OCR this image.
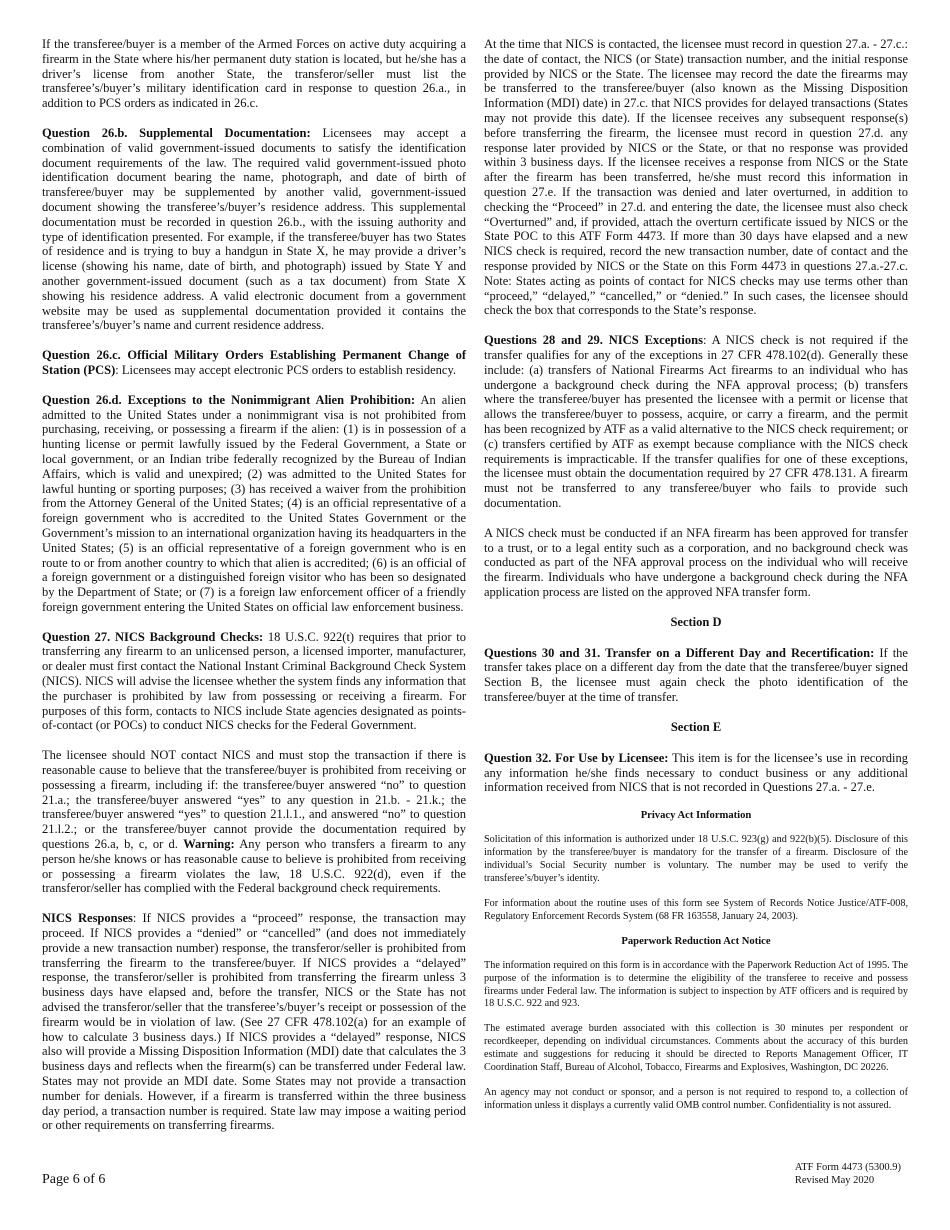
If the transferee/buyer is a member of the Armed Forces on active duty acquiring a firearm in the State where his/her permanent duty station is located, but he/she has a driver’s license from another State, the transferor/seller must list the transferee’s/buyer’s military identification card in response to question 26.a., in addition to PCS orders as indicated in 26.c.

Question 26.b. Supplemental Documentation: Licensees may accept a combination of valid government-issued documents to satisfy the identification document requirements of the law. The required valid government-issued photo identification document bearing the name, photograph, and date of birth of transferee/buyer may be supplemented by another valid, government-issued document showing the transferee’s/buyer’s residence address. This supplemental documentation must be recorded in question 26.b., with the issuing authority and type of identification presented. For example, if the transferee/buyer has two States of residence and is trying to buy a handgun in State X, he may provide a driver’s license (showing his name, date of birth, and photograph) issued by State Y and another government-issued document (such as a tax document) from State X showing his residence address. A valid electronic document from a government website may be used as supplemental documentation provided it contains the transferee’s/buyer’s name and current residence address.

Question 26.c. Official Military Orders Establishing Permanent Change of Station (PCS): Licensees may accept electronic PCS orders to establish residency.

Question 26.d. Exceptions to the Nonimmigrant Alien Prohibition: An alien admitted to the United States under a nonimmigrant visa is not prohibited from purchasing, receiving, or possessing a firearm if the alien: (1) is in possession of a hunting license or permit lawfully issued by the Federal Government, a State or local government, or an Indian tribe federally recognized by the Bureau of Indian Affairs, which is valid and unexpired; (2) was admitted to the United States for lawful hunting or sporting purposes; (3) has received a waiver from the prohibition from the Attorney General of the United States; (4) is an official representative of a foreign government who is accredited to the United States Government or the Government’s mission to an international organization having its headquarters in the United States; (5) is an official representative of a foreign government who is en route to or from another country to which that alien is accredited; (6) is an official of a foreign government or a distinguished foreign visitor who has been so designated by the Department of State; or (7) is a foreign law enforcement officer of a friendly foreign government entering the United States on official law enforcement business.

Question 27. NICS Background Checks: 18 U.S.C. 922(t) requires that prior to transferring any firearm to an unlicensed person, a licensed importer, manufacturer, or dealer must first contact the National Instant Criminal Background Check System (NICS). NICS will advise the licensee whether the system finds any information that the purchaser is prohibited by law from possessing or receiving a firearm. For purposes of this form, contacts to NICS include State agencies designated as points-of-contact (or POCs) to conduct NICS checks for the Federal Government.

The licensee should NOT contact NICS and must stop the transaction if there is reasonable cause to believe that the transferee/buyer is prohibited from receiving or possessing a firearm, including if: the transferee/buyer answered “no” to question 21.a.; the transferee/buyer answered “yes” to any question in 21.b. - 21.k.; the transferee/buyer answered “yes” to question 21.l.1., and answered “no” to question 21.l.2.; or the transferee/buyer cannot provide the documentation required by questions 26.a, b, c, or d. Warning: Any person who transfers a firearm to any person he/she knows or has reasonable cause to believe is prohibited from receiving or possessing a firearm violates the law, 18 U.S.C. 922(d), even if the transferor/seller has complied with the Federal background check requirements.

NICS Responses: If NICS provides a “proceed” response, the transaction may proceed. If NICS provides a “denied” or “cancelled” (and does not immediately provide a new transaction number) response, the transferor/seller is prohibited from transferring the firearm to the transferee/buyer. If NICS provides a “delayed” response, the transferor/seller is prohibited from transferring the firearm unless 3 business days have elapsed and, before the transfer, NICS or the State has not advised the transferor/seller that the transferee’s/buyer’s receipt or possession of the firearm would be in violation of law. (See 27 CFR 478.102(a) for an example of how to calculate 3 business days.) If NICS provides a “delayed” response, NICS also will provide a Missing Disposition Information (MDI) date that calculates the 3 business days and reflects when the firearm(s) can be transferred under Federal law. States may not provide an MDI date. Some States may not provide a transaction number for denials. However, if a firearm is transferred within the three business day period, a transaction number is required. State law may impose a waiting period or other requirements on transferring firearms.

At the time that NICS is contacted, the licensee must record in question 27.a. - 27.c.: the date of contact, the NICS (or State) transaction number, and the initial response provided by NICS or the State. The licensee may record the date the firearms may be transferred to the transferee/buyer (also known as the Missing Disposition Information (MDI) date) in 27.c. that NICS provides for delayed transactions (States may not provide this date). If the licensee receives any subsequent response(s) before transferring the firearm, the licensee must record in question 27.d. any response later provided by NICS or the State, or that no response was provided within 3 business days. If the licensee receives a response from NICS or the State after the firearm has been transferred, he/she must record this information in question 27.e. If the transaction was denied and later overturned, in addition to checking the “Proceed” in 27.d. and entering the date, the licensee must also check “Overturned” and, if provided, attach the overturn certificate issued by NICS or the State POC to this ATF Form 4473. If more than 30 days have elapsed and a new NICS check is required, record the new transaction number, date of contact and the response provided by NICS or the State on this Form 4473 in questions 27.a.-27.c. Note: States acting as points of contact for NICS checks may use terms other than “proceed,” “delayed,” “cancelled,” or “denied.” In such cases, the licensee should check the box that corresponds to the State’s response.

Questions 28 and 29. NICS Exceptions: A NICS check is not required if the transfer qualifies for any of the exceptions in 27 CFR 478.102(d). Generally these include: (a) transfers of National Firearms Act firearms to an individual who has undergone a background check during the NFA approval process; (b) transfers where the transferee/buyer has presented the licensee with a permit or license that allows the transferee/buyer to possess, acquire, or carry a firearm, and the permit has been recognized by ATF as a valid alternative to the NICS check requirement; or (c) transfers certified by ATF as exempt because compliance with the NICS check requirements is impracticable. If the transfer qualifies for one of these exceptions, the licensee must obtain the documentation required by 27 CFR 478.131. A firearm must not be transferred to any transferee/buyer who fails to provide such documentation.

A NICS check must be conducted if an NFA firearm has been approved for transfer to a trust, or to a legal entity such as a corporation, and no background check was conducted as part of the NFA approval process on the individual who will receive the firearm. Individuals who have undergone a background check during the NFA application process are listed on the approved NFA transfer form.

Section D

Questions 30 and 31. Transfer on a Different Day and Recertification: If the transfer takes place on a different day from the date that the transferee/buyer signed Section B, the licensee must again check the photo identification of the transferee/buyer at the time of transfer.

Section E

Question 32. For Use by Licensee: This item is for the licensee’s use in recording any information he/she finds necessary to conduct business or any additional information received from NICS that is not recorded in Questions 27.a. - 27.e.

Privacy Act Information

Solicitation of this information is authorized under 18 U.S.C. 923(g) and 922(b)(5). Disclosure of this information by the transferee/buyer is mandatory for the transfer of a firearm. Disclosure of the individual’s Social Security number is voluntary. The number may be used to verify the transferee’s/buyer’s identity.

For information about the routine uses of this form see System of Records Notice Justice/ATF-008, Regulatory Enforcement Records System (68 FR 163558, January 24, 2003).

Paperwork Reduction Act Notice

The information required on this form is in accordance with the Paperwork Reduction Act of 1995. The purpose of the information is to determine the eligibility of the transferee to receive and possess firearms under Federal law. The information is subject to inspection by ATF officers and is required by 18 U.S.C. 922 and 923.

The estimated average burden associated with this collection is 30 minutes per respondent or recordkeeper, depending on individual circumstances. Comments about the accuracy of this burden estimate and suggestions for reducing it should be directed to Reports Management Officer, IT Coordination Staff, Bureau of Alcohol, Tobacco, Firearms and Explosives, Washington, DC 20226.

An agency may not conduct or sponsor, and a person is not required to respond to, a collection of information unless it displays a currently valid OMB control number. Confidentiality is not assured.

Page 6 of 6
ATF Form 4473 (5300.9)
Revised May 2020
